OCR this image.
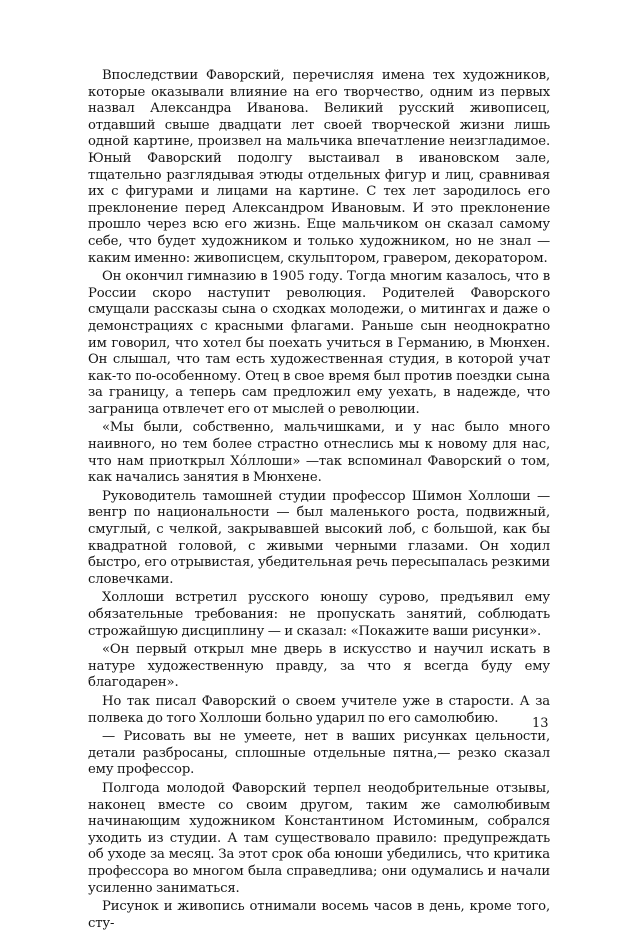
Впоследствии Фаворский, перечисляя имена тех художников, которые оказывали влияние на его творчество, одним из первых назвал Александра Иванова. Великий русский живописец, отдавший свыше двадцати лет своей творческой жизни лишь одной картине, произвел на мальчика впечатление неизгладимое. Юный Фаворский подолгу выстаивал в ивановском зале, тщательно разглядывая этюды отдельных фигур и лиц, сравнивая их с фигурами и лицами на картине. С тех лет зародилось его преклонение перед Александром Ивановым. И это преклонение прошло через всю его жизнь. Еще мальчиком он сказал самому себе, что будет художником и только художником, но не знал — каким именно: живописцем, скульптором, гравером, декоратором.

Он окончил гимназию в 1905 году. Тогда многим казалось, что в России скоро наступит революция. Родителей Фаворского смущали рассказы сына о сходках молодежи, о митингах и даже о демонстрациях с красными флагами. Раньше сын неоднократно им говорил, что хотел бы поехать учиться в Германию, в Мюнхен. Он слышал, что там есть художественная студия, в которой учат как-то по-особенному. Отец в свое время был против поездки сына за границу, а теперь сам предложил ему уехать, в надежде, что заграница отвлечет его от мыслей о революции.

«Мы были, собственно, мальчишками, и у нас было много наивного, но тем более страстно отнеслись мы к новому для нас, что нам приоткрыл Хóллоши» —так вспоминал Фаворский о том, как начались занятия в Мюнхене.

Руководитель тамошней студии профессор Шимон Холлоши — венгр по национальности — был маленького роста, подвижный, смуглый, с челкой, закрывавшей высокий лоб, с большой, как бы квадратной головой, с живыми черными глазами. Он ходил быстро, его отрывистая, убедительная речь пересыпалась резкими словечками.

Холлоши встретил русского юношу сурово, предъявил ему обязательные требования: не пропускать занятий, соблюдать строжайшую дисциплину — и сказал: «Покажите ваши рисунки».

«Он первый открыл мне дверь в искусство и научил искать в натуре художественную правду, за что я всегда буду ему благодарен».

Но так писал Фаворский о своем учителе уже в старости. А за полвека до того Холлоши больно ударил по его самолюбию.

— Рисовать вы не умеете, нет в ваших рисунках цельности, детали разбросаны, сплошные отдельные пятна,— резко сказал ему профессор.

Полгода молодой Фаворский терпел неодобрительные отзывы, наконец вместе со своим другом, таким же самолюбивым начинающим художником Константином Истоминым, собрался уходить из студии. А там существовало правило: предупреждать об уходе за месяц. За этот срок оба юноши убедились, что критика профессора во многом была справедлива; они одумались и начали усиленно заниматься.

Рисунок и живопись отнимали восемь часов в день, кроме того, сту-

13
